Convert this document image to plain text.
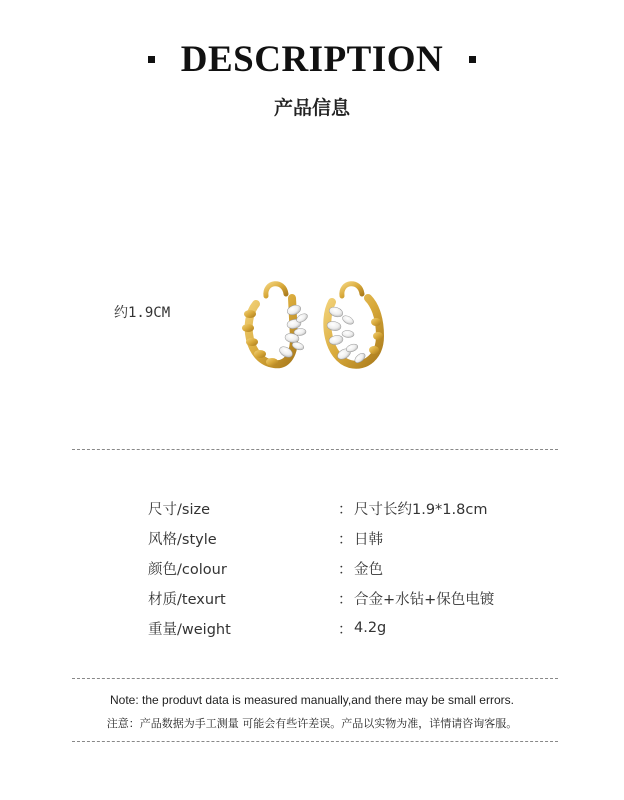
DESCRIPTION
产品信息
约1.9CM
尺寸/size	： 尺寸长约1.9*1.8cm
风格/style	： 日韩
颜色/colour	： 金色
材质/texurt	： 合金+水钻+保色电镀
重量/weight	： 4.2g
Note: the produvt data is measured manually,and there may be small errors.
注意：产品数据为手工测量 可能会有些许差误。产品以实物为准，详情请咨询客服。
